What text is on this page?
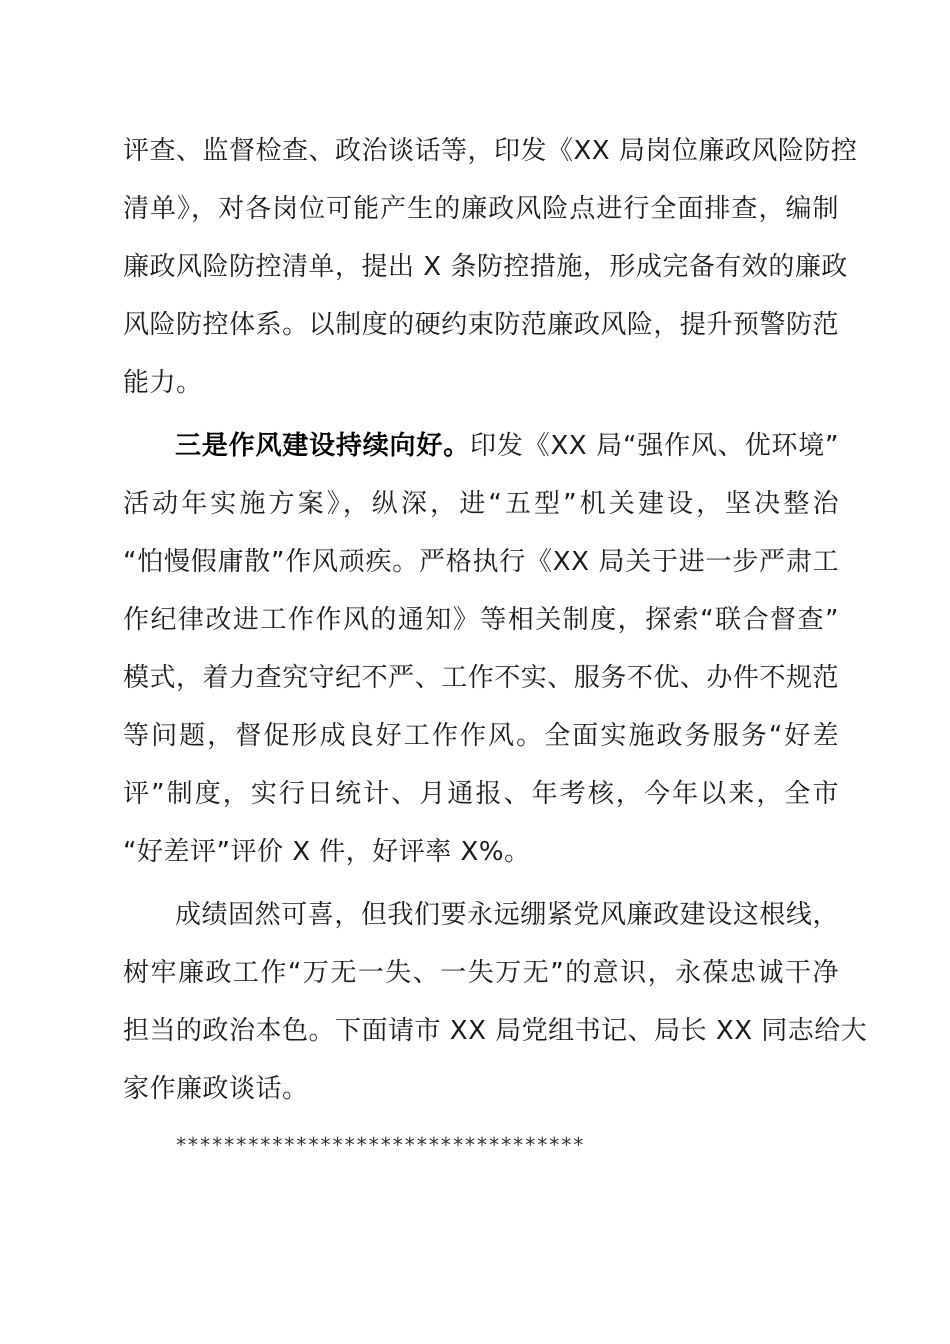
评查、监督检查、政治谈话等，印发《XX 局岗位廉政风险防控
清单》，对各岗位可能产生的廉政风险点进行全面排查，编制
廉政风险防控清单，提出 X 条防控措施，形成完备有效的廉政
风险防控体系。以制度的硬约束防范廉政风险，提升预警防范
能力。
三是作风建设持续向好。印发《XX 局“强作风、优环境”
活动年实施方案》，纵深，进“五型”机关建设，坚决整治
“怕慢假庸散”作风顽疾。严格执行《XX 局关于进一步严肃工
作纪律改进工作作风的通知》等相关制度，探索“联合督查”
模式，着力查究守纪不严、工作不实、服务不优、办件不规范
等问题，督促形成良好工作作风。全面实施政务服务“好差
评”制度，实行日统计、月通报、年考核，今年以来，全市
“好差评”评价 X 件，好评率 X%。
成绩固然可喜，但我们要永远绷紧党风廉政建设这根线，
树牢廉政工作“万无一失、一失万无”的意识，永葆忠诚干净
担当的政治本色。下面请市 XX 局党组书记、局长 XX 同志给大
家作廉政谈话。
**********************************
